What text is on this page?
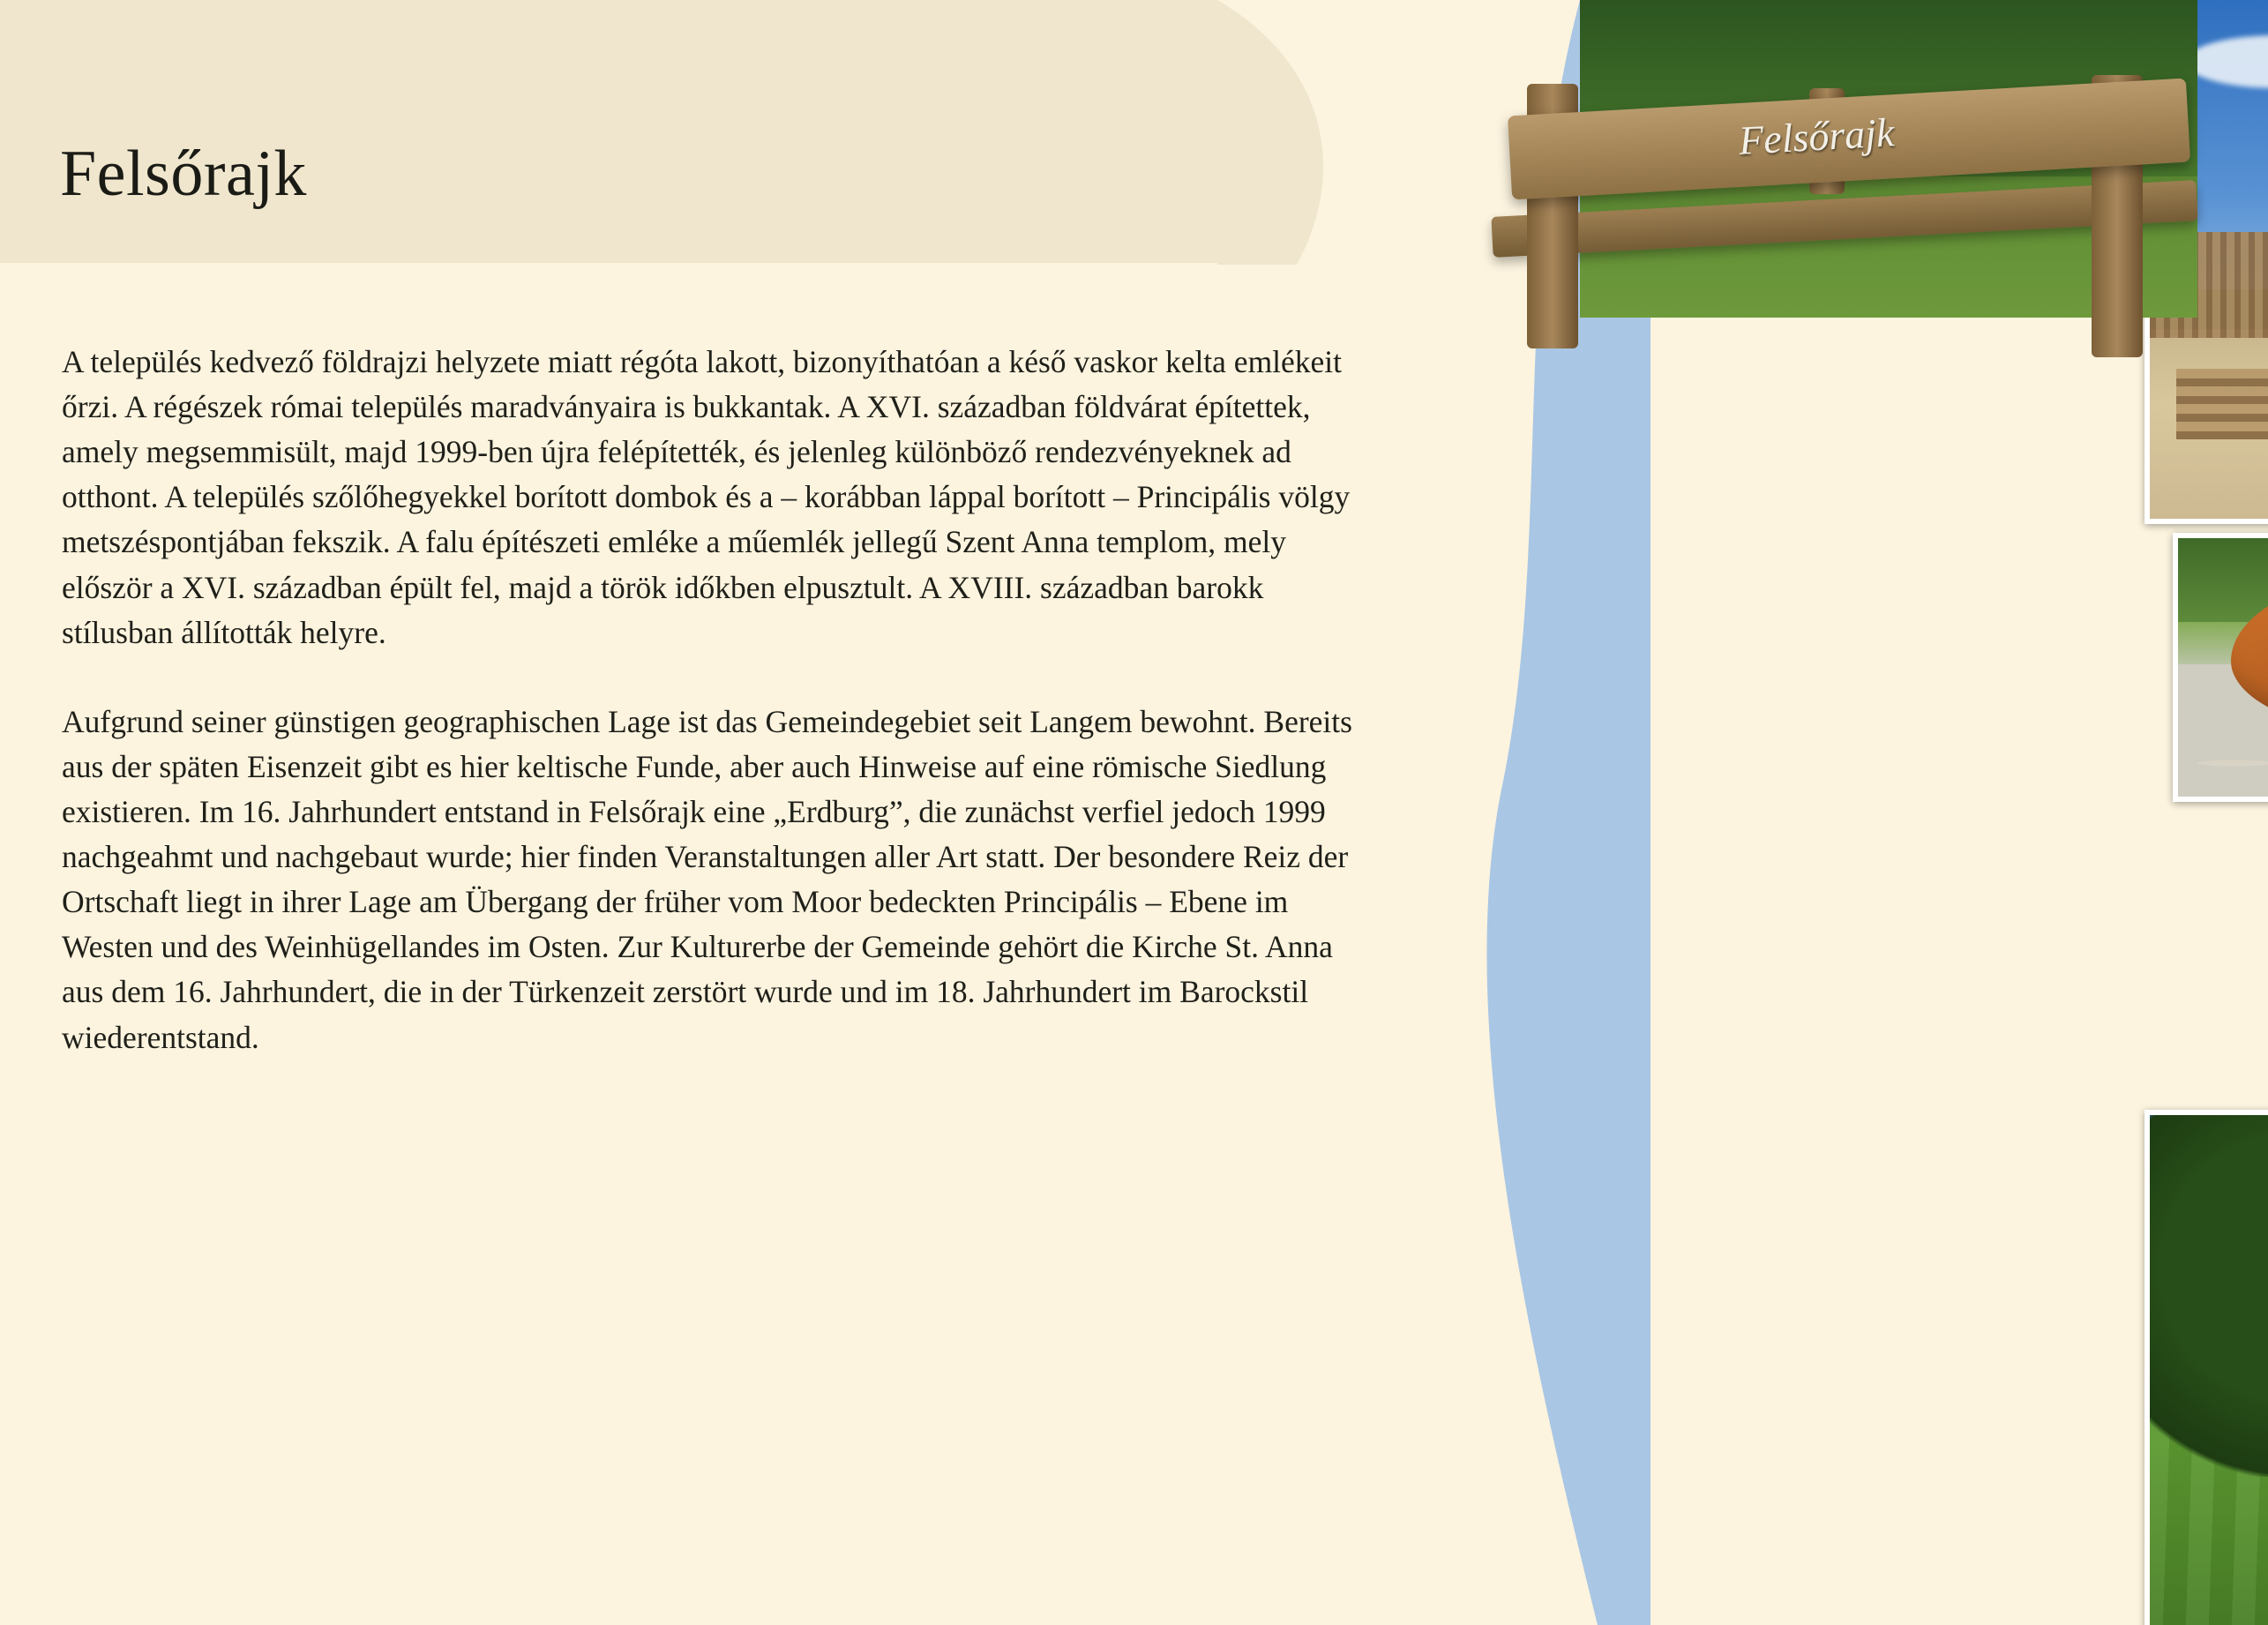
Felsőrajk

A település kedvező földrajzi helyzete miatt régóta lakott, bizonyíthatóan a késő vaskor kelta emlékeit őrzi. A régészek római település maradványaira is bukkantak. A XVI. században földvárat építettek, amely megsemmisült, majd 1999-ben újra felépítették, és jelenleg különböző rendezvényeknek ad otthont. A település szőlőhegyekkel borított dombok és a – korábban láppal borított – Principális völgy metszéspontjában fekszik. A falu építészeti emléke a műemlék jellegű Szent Anna templom, mely először a XVI. században épült fel, majd a török időkben elpusztult. A XVIII. században barokk stílusban állították helyre.

Aufgrund seiner günstigen geographischen Lage ist das Gemeindegebiet seit Langem bewohnt. Bereits aus der späten Eisenzeit gibt es hier keltische Funde, aber auch Hinweise auf eine römische Siedlung existieren. Im 16. Jahrhundert entstand in Felsőrajk eine „Erdburg”, die zunächst verfiel jedoch 1999 nachgeahmt und nachgebaut wurde; hier finden Veranstaltungen aller Art statt. Der besondere Reiz der Ortschaft liegt in ihrer Lage am Übergang der früher vom Moor bedeckten Principális – Ebene im Westen und des Weinhügellandes im Osten. Zur Kulturerbe der Gemeinde gehört die Kirche St. Anna aus dem 16. Jahrhundert, die in der Türkenzeit zerstört wurde und im 18. Jahrhundert im Barockstil wiederentstand.

Felsőrajk
